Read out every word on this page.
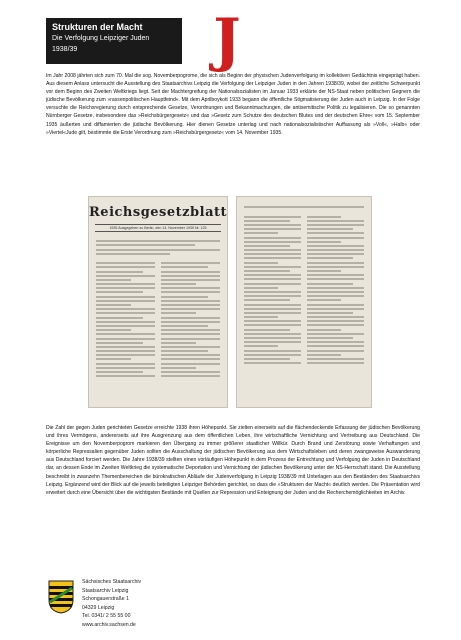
Strukturen der Macht
Die Verfolgung Leipziger Juden 1938/39	J

Im Jahr 2008 jährten sich zum 70. Mal die sog. Novemberpogrome, die sich als Beginn der physischen Judenverfolgung im kollektiven Gedächtnis eingeprägt haben. Aus diesem Anlass untersucht die Ausstellung des Staatsarchivs Leipzig die Verfolgung der Leipziger Juden in den Jahren 1938/39, wobei der zeitliche Schwerpunkt vor dem Beginn des Zweiten Weltkriegs liegt. Seit der Machtergreifung der Nationalsozialisten im Januar 1933 erklärte der NS-Staat neben politischen Gegnern die jüdische Bevölkerung zum »rassenpolitischen Hauptfeind«. Mit dem Aprilboykott 1933 begann die öffentliche Stigmatisierung der Juden auch in Leipzig. In der Folge versuchte die Reichsregierung durch entsprechende Gesetze, Verordnungen und Bekanntmachungen, die antisemitische Politik zu legalisieren. Die so genannten Nürnberger Gesetze, insbesondere das »Reichsbürgergesetz« und das »Gesetz zum Schutze des deutschen Blutes und der deutschen Ehre« vom 15. September 1935 äußerten und diffamierten die jüdische Bevölkerung. Hier dienen Gesetze unterlag und nach nationalsozialistischer Auffassung als »Voll«, »Halb« oder »Viertel«Jude gilt, bestimmte die Erste Verordnung zum »Reichsbürgergesetz« vom 14. November 1935.

Reichsgesetzblatt
1935 Ausgegeben zu Berlin, den 14. November 1935 Nr. 125

Die Zahl der gegen Juden gerichteten Gesetze erreichte 1938 ihren Höhepunkt. Sie zielten einerseits auf die flächendeckende Erfassung der jüdischen Bevölkerung und ihres Vermögens, andererseits auf ihre Ausgrenzung aus dem öffentlichen Leben, ihre wirtschaftliche Vernichtung und Vertreibung aus Deutschland. Die Ereignisse um den Novemberpogrom markieren den Übergang zu immer größerer staatlicher Willkür. Durch Brand und Zerstörung sowie Verhaftungen und körperliche Repressalien gegenüber Juden sollten die Ausschaltung der jüdischen Bevölkerung aus dem Wirtschaftsleben und deren zwangsweise Auswanderung aus Deutschland forciert werden. Die Jahre 1938/39 stellten einen vorläufigen Höhepunkt in dem Prozess der Entrechtung und Verfolgung der Juden in Deutschland dar, an dessen Ende im Zweiten Weltkrieg die systematische Deportation und Vernichtung der jüdischen Bevölkerung unter der NS-Herrschaft stand. Die Ausstellung beschreibt in zwanzehn Themenbereichen die bürokratischen Abläufe der Judenverfolgung in Leipzig 1938/39 mit Unterlagen aus den Beständen des Staatsarchivs Leipzig. Ergänzend wird der Blick auf die jeweils beteiligten Leipziger Behörden gerichtet, so dass die »Strukturen der Macht« deutlich werden. Die Präsentation wird erweitert durch eine Übersicht über die wichtigsten Bestände mit Quellen zur Repression und Enteignung der Juden und die Recherchemöglichkeiten im Archiv.

Sächsisches Staatsarchiv
Staatsarchiv Leipzig
Schongauerstraße 1
04329 Leipzig
Tel. 0341/ 2 55 55 00
www.archiv.sachsen.de
